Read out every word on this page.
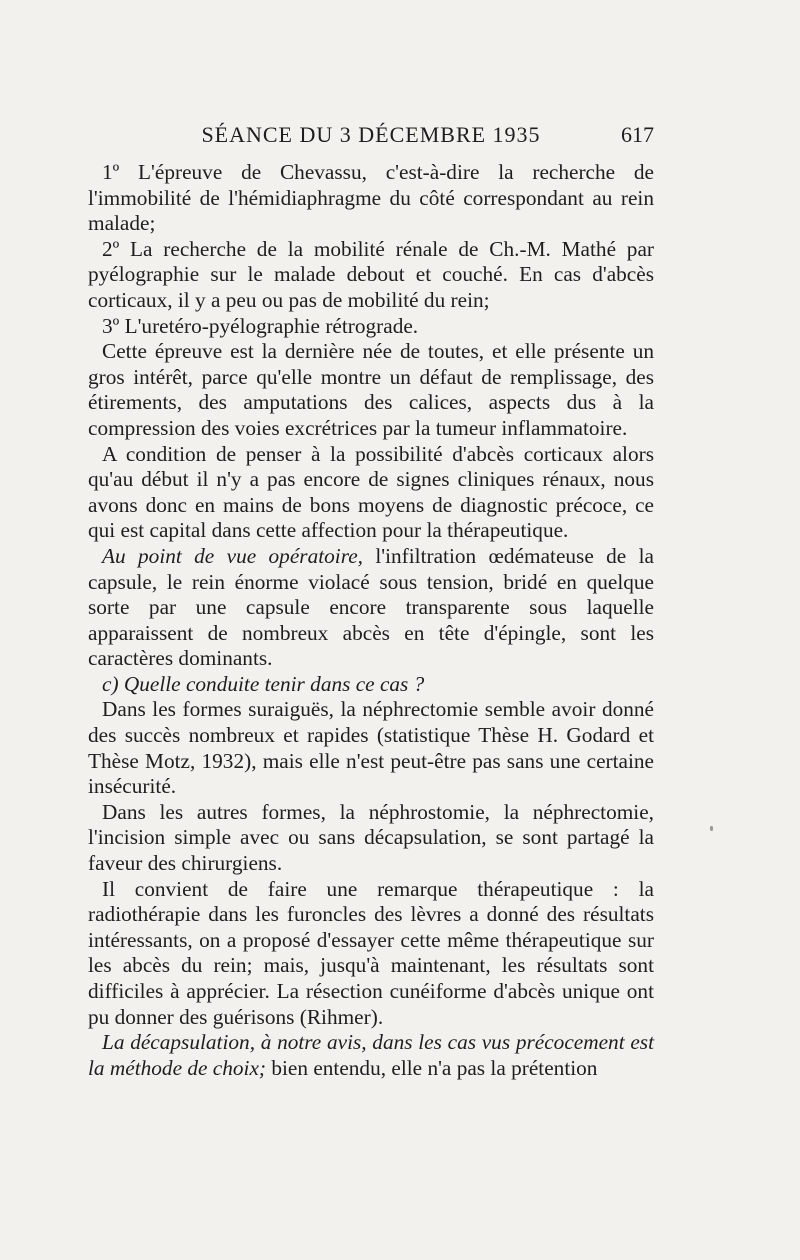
SÉANCE DU 3 DÉCEMBRE 1935	617

1º L'épreuve de Chevassu, c'est-à-dire la recherche de l'immobilité de l'hémidiaphragme du côté correspondant au rein malade;

2º La recherche de la mobilité rénale de Ch.-M. Mathé par pyélographie sur le malade debout et couché. En cas d'abcès corticaux, il y a peu ou pas de mobilité du rein;

3º L'uretéro-pyélographie rétrograde.

Cette épreuve est la dernière née de toutes, et elle présente un gros intérêt, parce qu'elle montre un défaut de remplissage, des étirements, des amputations des calices, aspects dus à la compression des voies excrétrices par la tumeur inflammatoire.

A condition de penser à la possibilité d'abcès corticaux alors qu'au début il n'y a pas encore de signes cliniques rénaux, nous avons donc en mains de bons moyens de diagnostic précoce, ce qui est capital dans cette affection pour la thérapeutique.

Au point de vue opératoire, l'infiltration œdémateuse de la capsule, le rein énorme violacé sous tension, bridé en quelque sorte par une capsule encore transparente sous laquelle apparaissent de nombreux abcès en tête d'épingle, sont les caractères dominants.

c) Quelle conduite tenir dans ce cas ?

Dans les formes suraiguës, la néphrectomie semble avoir donné des succès nombreux et rapides (statistique Thèse H. Godard et Thèse Motz, 1932), mais elle n'est peut-être pas sans une certaine insécurité.

Dans les autres formes, la néphrostomie, la néphrectomie, l'incision simple avec ou sans décapsulation, se sont partagé la faveur des chirurgiens.

Il convient de faire une remarque thérapeutique : la radiothérapie dans les furoncles des lèvres a donné des résultats intéressants, on a proposé d'essayer cette même thérapeutique sur les abcès du rein; mais, jusqu'à maintenant, les résultats sont difficiles à apprécier. La résection cunéiforme d'abcès unique ont pu donner des guérisons (Rihmer).

La décapsulation, à notre avis, dans les cas vus précocement est la méthode de choix; bien entendu, elle n'a pas la prétention
